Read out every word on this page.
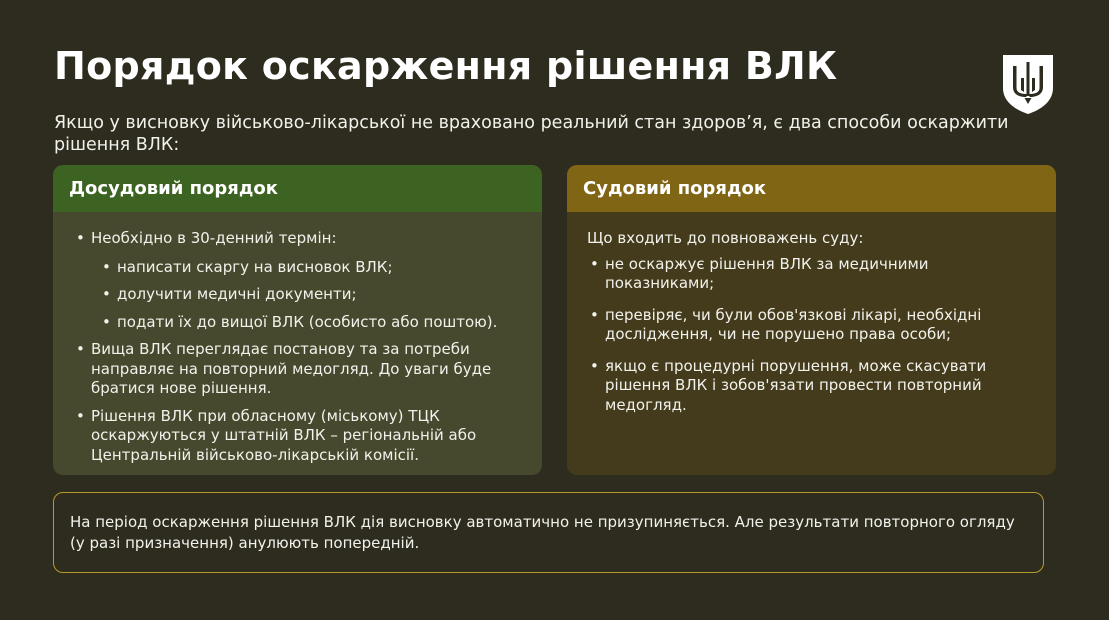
Порядок оскарження рішення ВЛК
Якщо у висновку військово-лікарської не враховано реальний стан здоров’я, є два способи оскаржити рішення ВЛК:
Досудовий порядок
• Необхідно в 30-денний термін:
• написати скаргу на висновок ВЛК;
• долучити медичні документи;
• подати їх до вищої ВЛК (особисто або поштою).
• Вища ВЛК переглядає постанову та за потреби направляє на повторний медогляд. До уваги буде братися нове рішення.
• Рішення ВЛК при обласному (міському) ТЦК оскаржуються у штатній ВЛК – регіональній або Центральній військово-лікарській комісії.
Судовий порядок
Що входить до повноважень суду:
• не оскаржує рішення ВЛК за медичними показниками;
• перевіряє, чи були обов'язкові лікарі, необхідні дослідження, чи не порушено права особи;
• якщо є процедурні порушення, може скасувати рішення ВЛК і зобов'язати провести повторний медогляд.
На період оскарження рішення ВЛК дія висновку автоматично не призупиняється. Але результати повторного огляду (у разі призначення) анулюють попередній.
